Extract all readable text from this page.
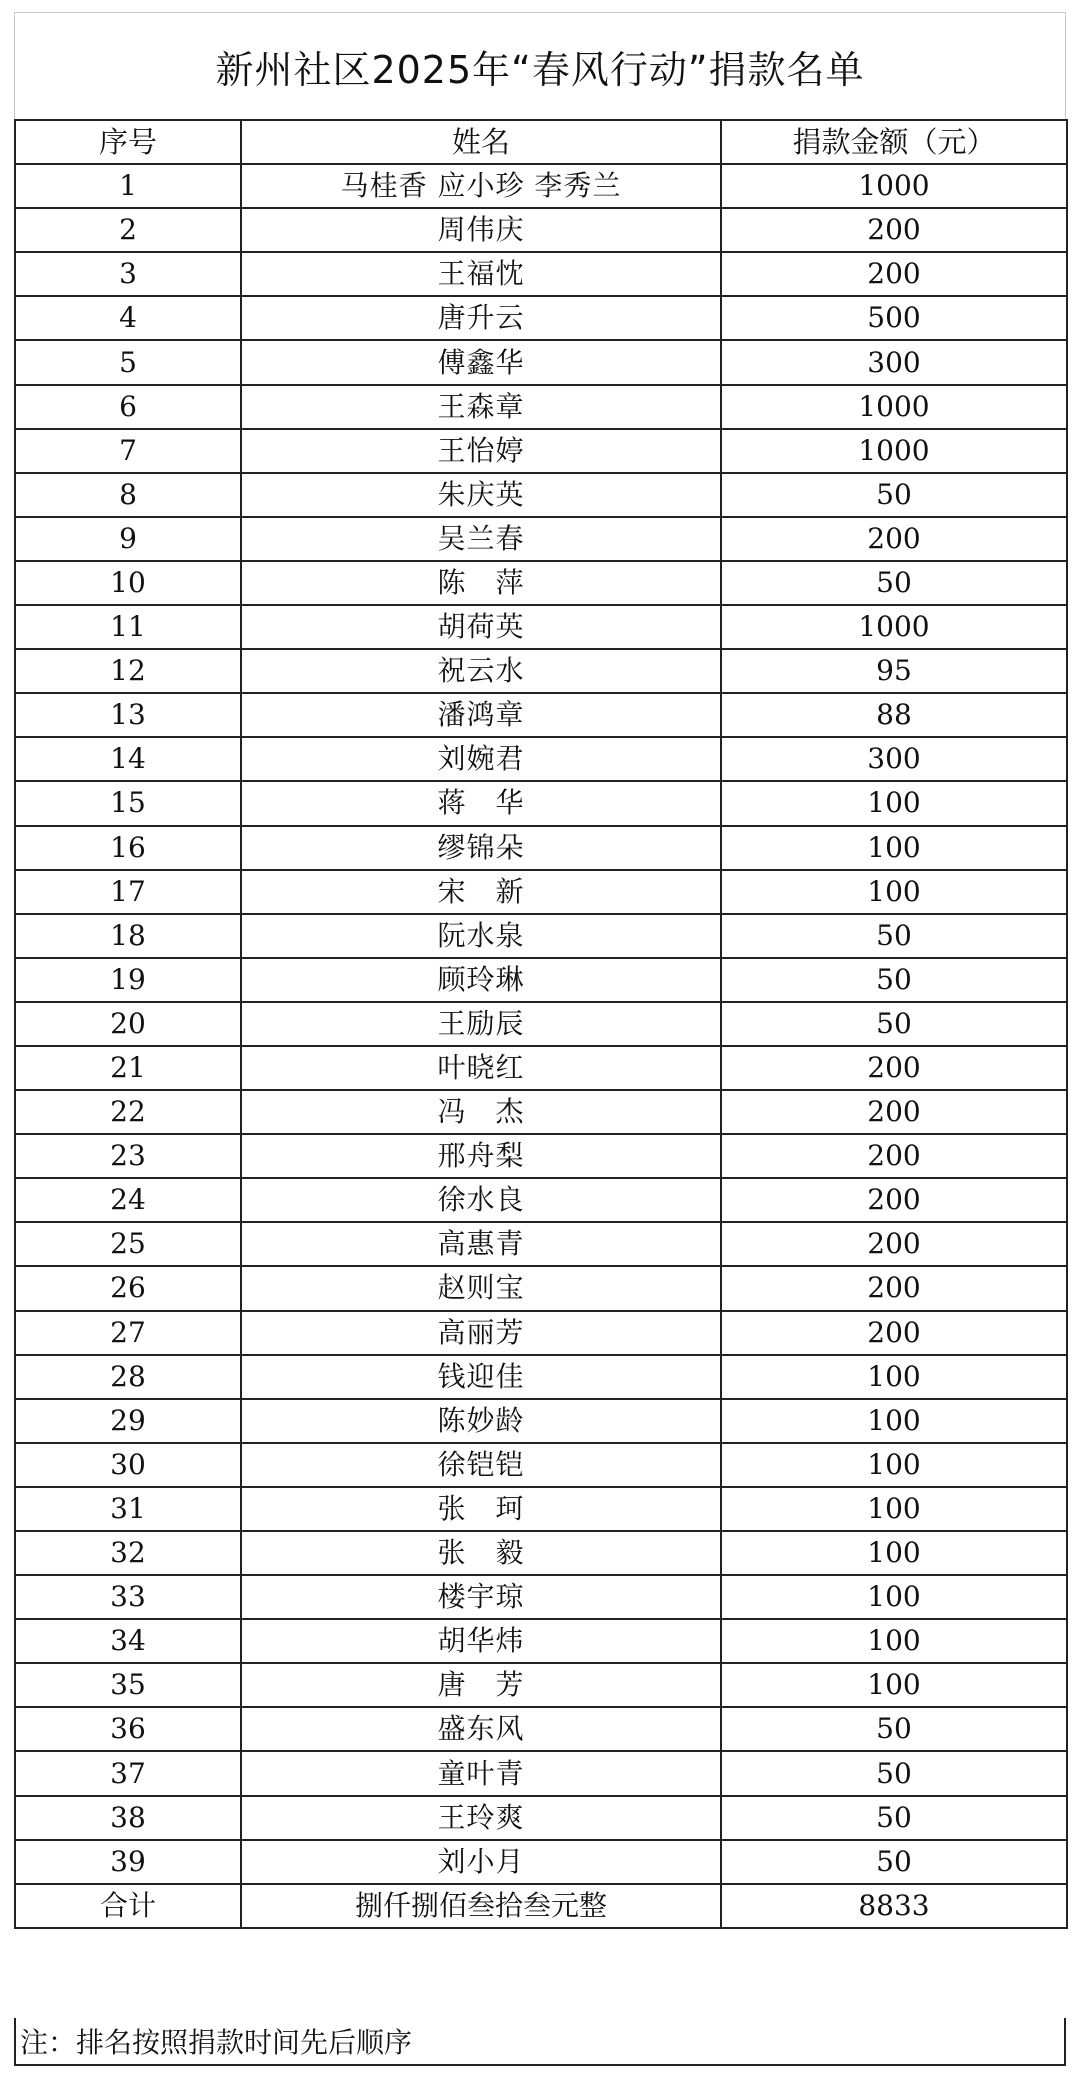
新州社区2025年“春风行动”捐款名单
序号	姓名	捐款金额（元）
1	马桂香 应小珍 李秀兰	1000
2	周伟庆	200
3	王福忱	200
4	唐升云	500
5	傅鑫华	300
6	王森章	1000
7	王怡婷	1000
8	朱庆英	50
9	吴兰春	200
10	陈　萍	50
11	胡荷英	1000
12	祝云水	95
13	潘鸿章	88
14	刘婉君	300
15	蒋　华	100
16	缪锦朵	100
17	宋　新	100
18	阮水泉	50
19	顾玲琳	50
20	王励辰	50
21	叶晓红	200
22	冯　杰	200
23	邢舟梨	200
24	徐水良	200
25	高惠青	200
26	赵则宝	200
27	高丽芳	200
28	钱迎佳	100
29	陈妙龄	100
30	徐铠铠	100
31	张　珂	100
32	张　毅	100
33	楼宇琼	100
34	胡华炜	100
35	唐　芳	100
36	盛东风	50
37	童叶青	50
38	王玲爽	50
39	刘小月	50
合计	捌仟捌佰叁拾叁元整	8833
注：排名按照捐款时间先后顺序
